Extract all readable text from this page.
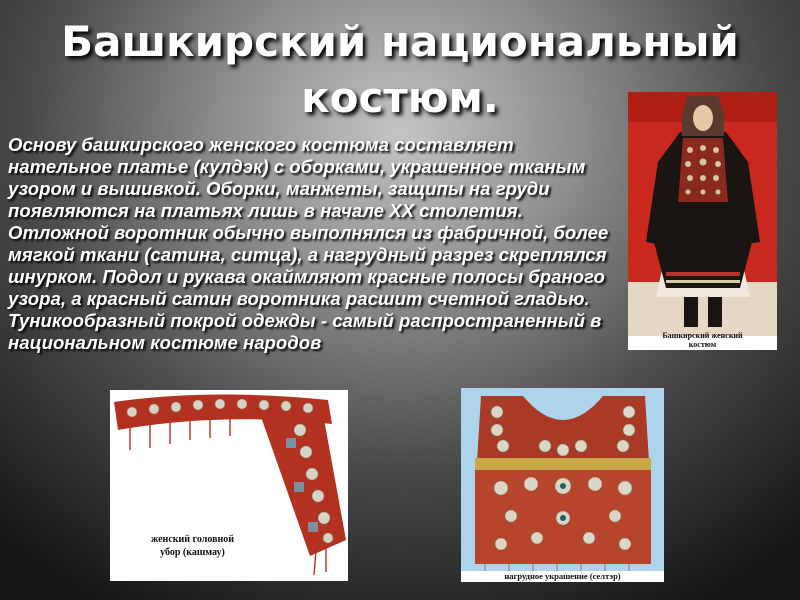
Башкирский национальный
костюм.

Основу башкирского женского костюма составляет нательное платье (кулдэк) с оборками, украшенное тканым узором и вышивкой. Оборки, манжеты, защипы на груди появляются на платьях лишь в начале XX столетия. Отложной воротник обычно выполнялся из фабричной, более мягкой ткани (сатина, ситца), а нагрудный разрез скреплялся шнурком. Подол и рукава окаймляют красные полосы браного узора, а красный сатин воротника расшит счетной гладью. Туникообразный покрой одежды - самый распространенный в национальном костюме народов	Башкирский женский
костюм
женский головной
убор (кашмау)
нагрудное украшение (селтэр)
